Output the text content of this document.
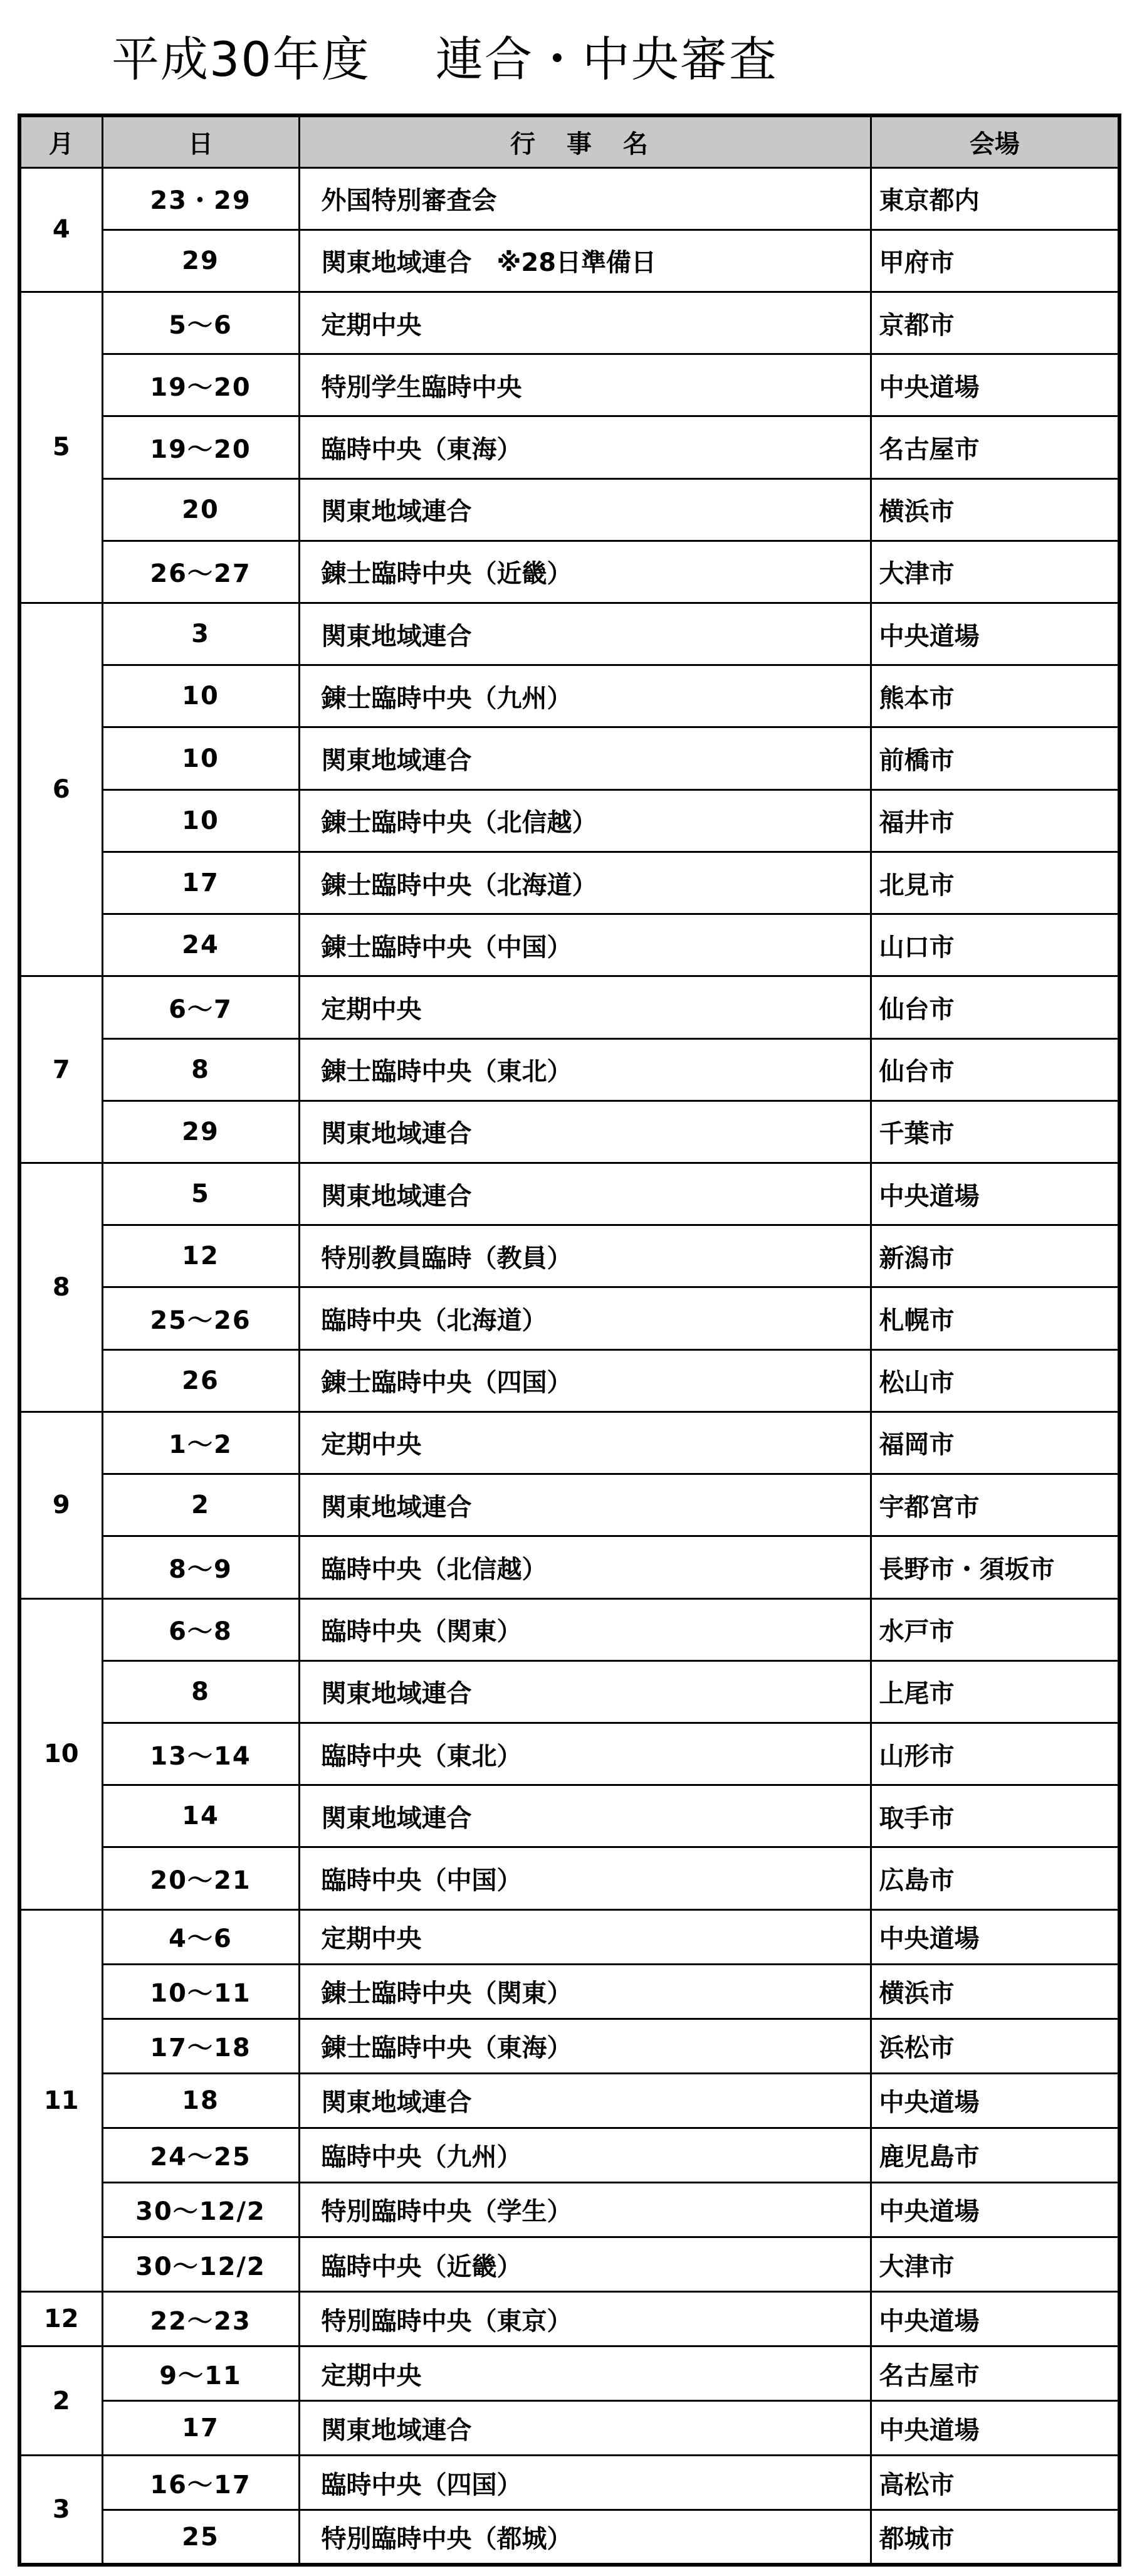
平成30年度　 連合・中央審査
月	日	行 事 名	会場
4	23・29	外国特別審査会	東京都内
	29	関東地域連合　※28日準備日	甲府市
5	5～6	定期中央	京都市
	19～20	特別学生臨時中央	中央道場
	19～20	臨時中央（東海）	名古屋市
	20	関東地域連合	横浜市
	26～27	錬士臨時中央（近畿）	大津市
6	3	関東地域連合	中央道場
	10	錬士臨時中央（九州）	熊本市
	10	関東地域連合	前橋市
	10	錬士臨時中央（北信越）	福井市
	17	錬士臨時中央（北海道）	北見市
	24	錬士臨時中央（中国）	山口市
7	6～7	定期中央	仙台市
	8	錬士臨時中央（東北）	仙台市
	29	関東地域連合	千葉市
8	5	関東地域連合	中央道場
	12	特別教員臨時（教員）	新潟市
	25～26	臨時中央（北海道）	札幌市
	26	錬士臨時中央（四国）	松山市
9	1～2	定期中央	福岡市
	2	関東地域連合	宇都宮市
	8～9	臨時中央（北信越）	長野市・須坂市
10	6～8	臨時中央（関東）	水戸市
	8	関東地域連合	上尾市
	13～14	臨時中央（東北）	山形市
	14	関東地域連合	取手市
	20～21	臨時中央（中国）	広島市
11	4～6	定期中央	中央道場
	10～11	錬士臨時中央（関東）	横浜市
	17～18	錬士臨時中央（東海）	浜松市
	18	関東地域連合	中央道場
	24～25	臨時中央（九州）	鹿児島市
	30～12/2	特別臨時中央（学生）	中央道場
	30～12/2	臨時中央（近畿）	大津市
12	22～23	特別臨時中央（東京）	中央道場
2	9～11	定期中央	名古屋市
	17	関東地域連合	中央道場
3	16～17	臨時中央（四国）	高松市
	25	特別臨時中央（都城）	都城市
